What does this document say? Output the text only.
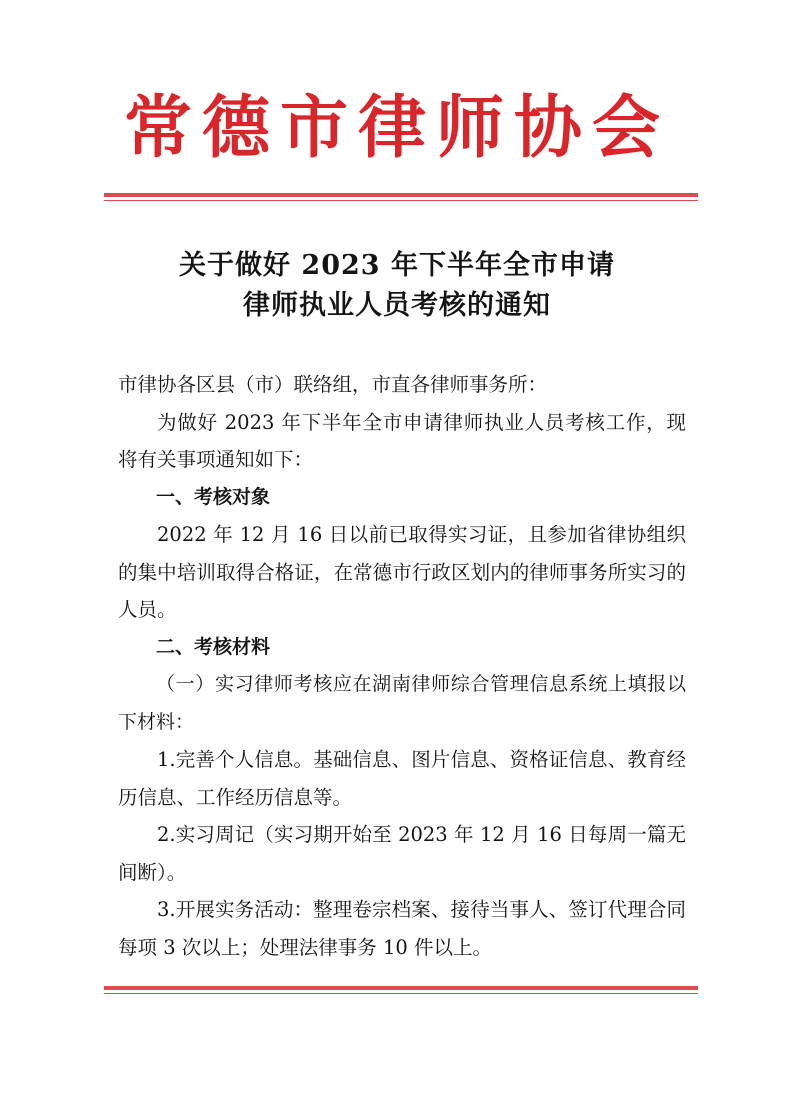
常德市律师协会
关于做好 2023 年下半年全市申请
律师执业人员考核的通知

市律协各区县（市）联络组，市直各律师事务所：

为做好 2023 年下半年全市申请律师执业人员考核工作，现将有关事项通知如下：

一、考核对象

2022 年 12 月 16 日以前已取得实习证，且参加省律协组织的集中培训取得合格证，在常德市行政区划内的律师事务所实习的人员。

二、考核材料

（一）实习律师考核应在湖南律师综合管理信息系统上填报以下材料：

1.完善个人信息。基础信息、图片信息、资格证信息、教育经历信息、工作经历信息等。

2.实习周记（实习期开始至 2023 年 12 月 16 日每周一篇无间断）。

3.开展实务活动：整理卷宗档案、接待当事人、签订代理合同每项 3 次以上；处理法律事务 10 件以上。
